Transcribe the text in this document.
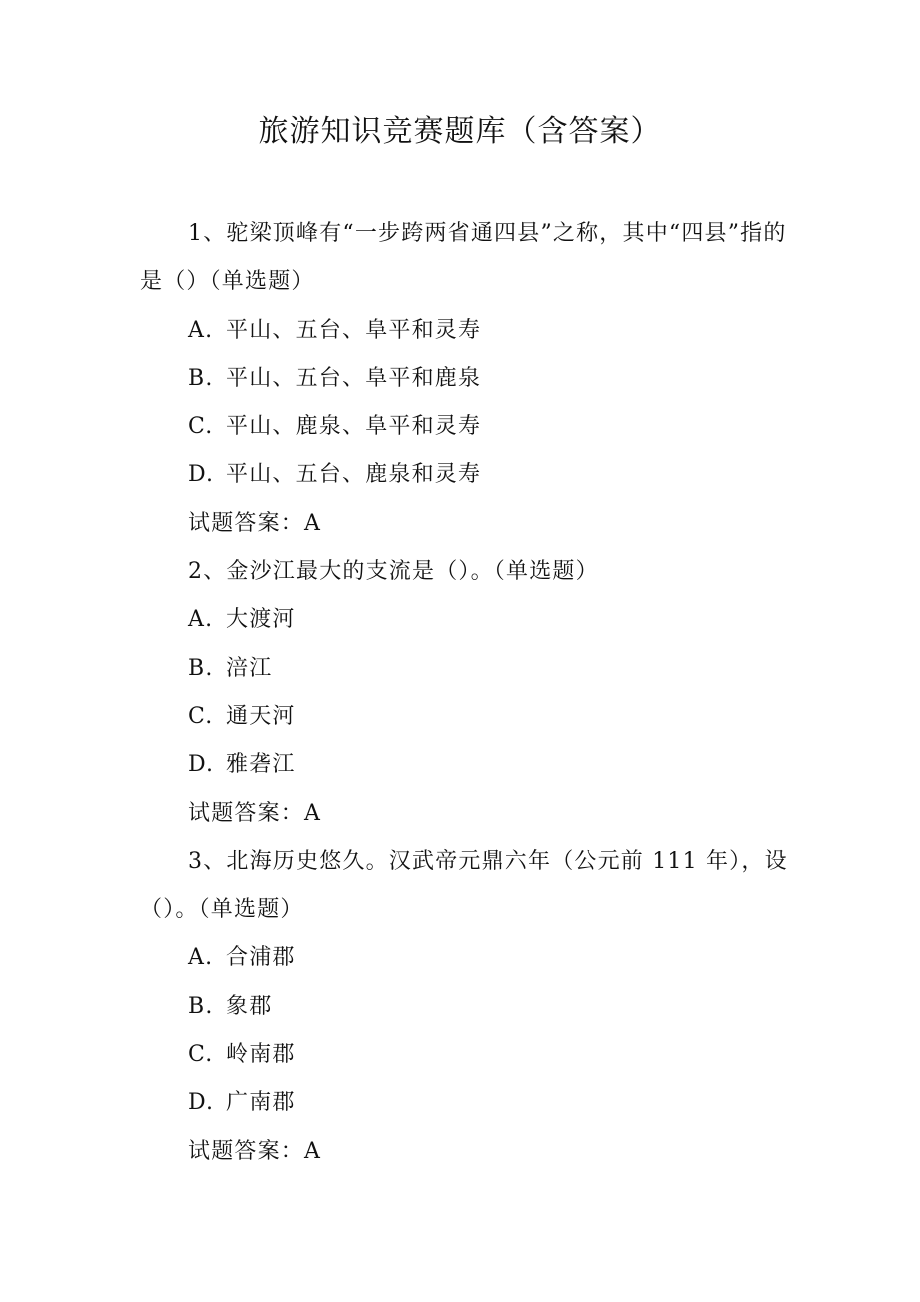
旅游知识竞赛题库（含答案）
1、驼梁顶峰有“一步跨两省通四县”之称，其中“四县”指的是（）（单选题）
A. 平山、五台、阜平和灵寿
B. 平山、五台、阜平和鹿泉
C. 平山、鹿泉、阜平和灵寿
D. 平山、五台、鹿泉和灵寿
试题答案：A
2、金沙江最大的支流是（）。（单选题）
A. 大渡河
B. 涪江
C. 通天河
D. 雅砻江
试题答案：A
3、北海历史悠久。汉武帝元鼎六年（公元前 111 年），设（）。（单选题）
A. 合浦郡
B. 象郡
C. 岭南郡
D. 广南郡
试题答案：A
